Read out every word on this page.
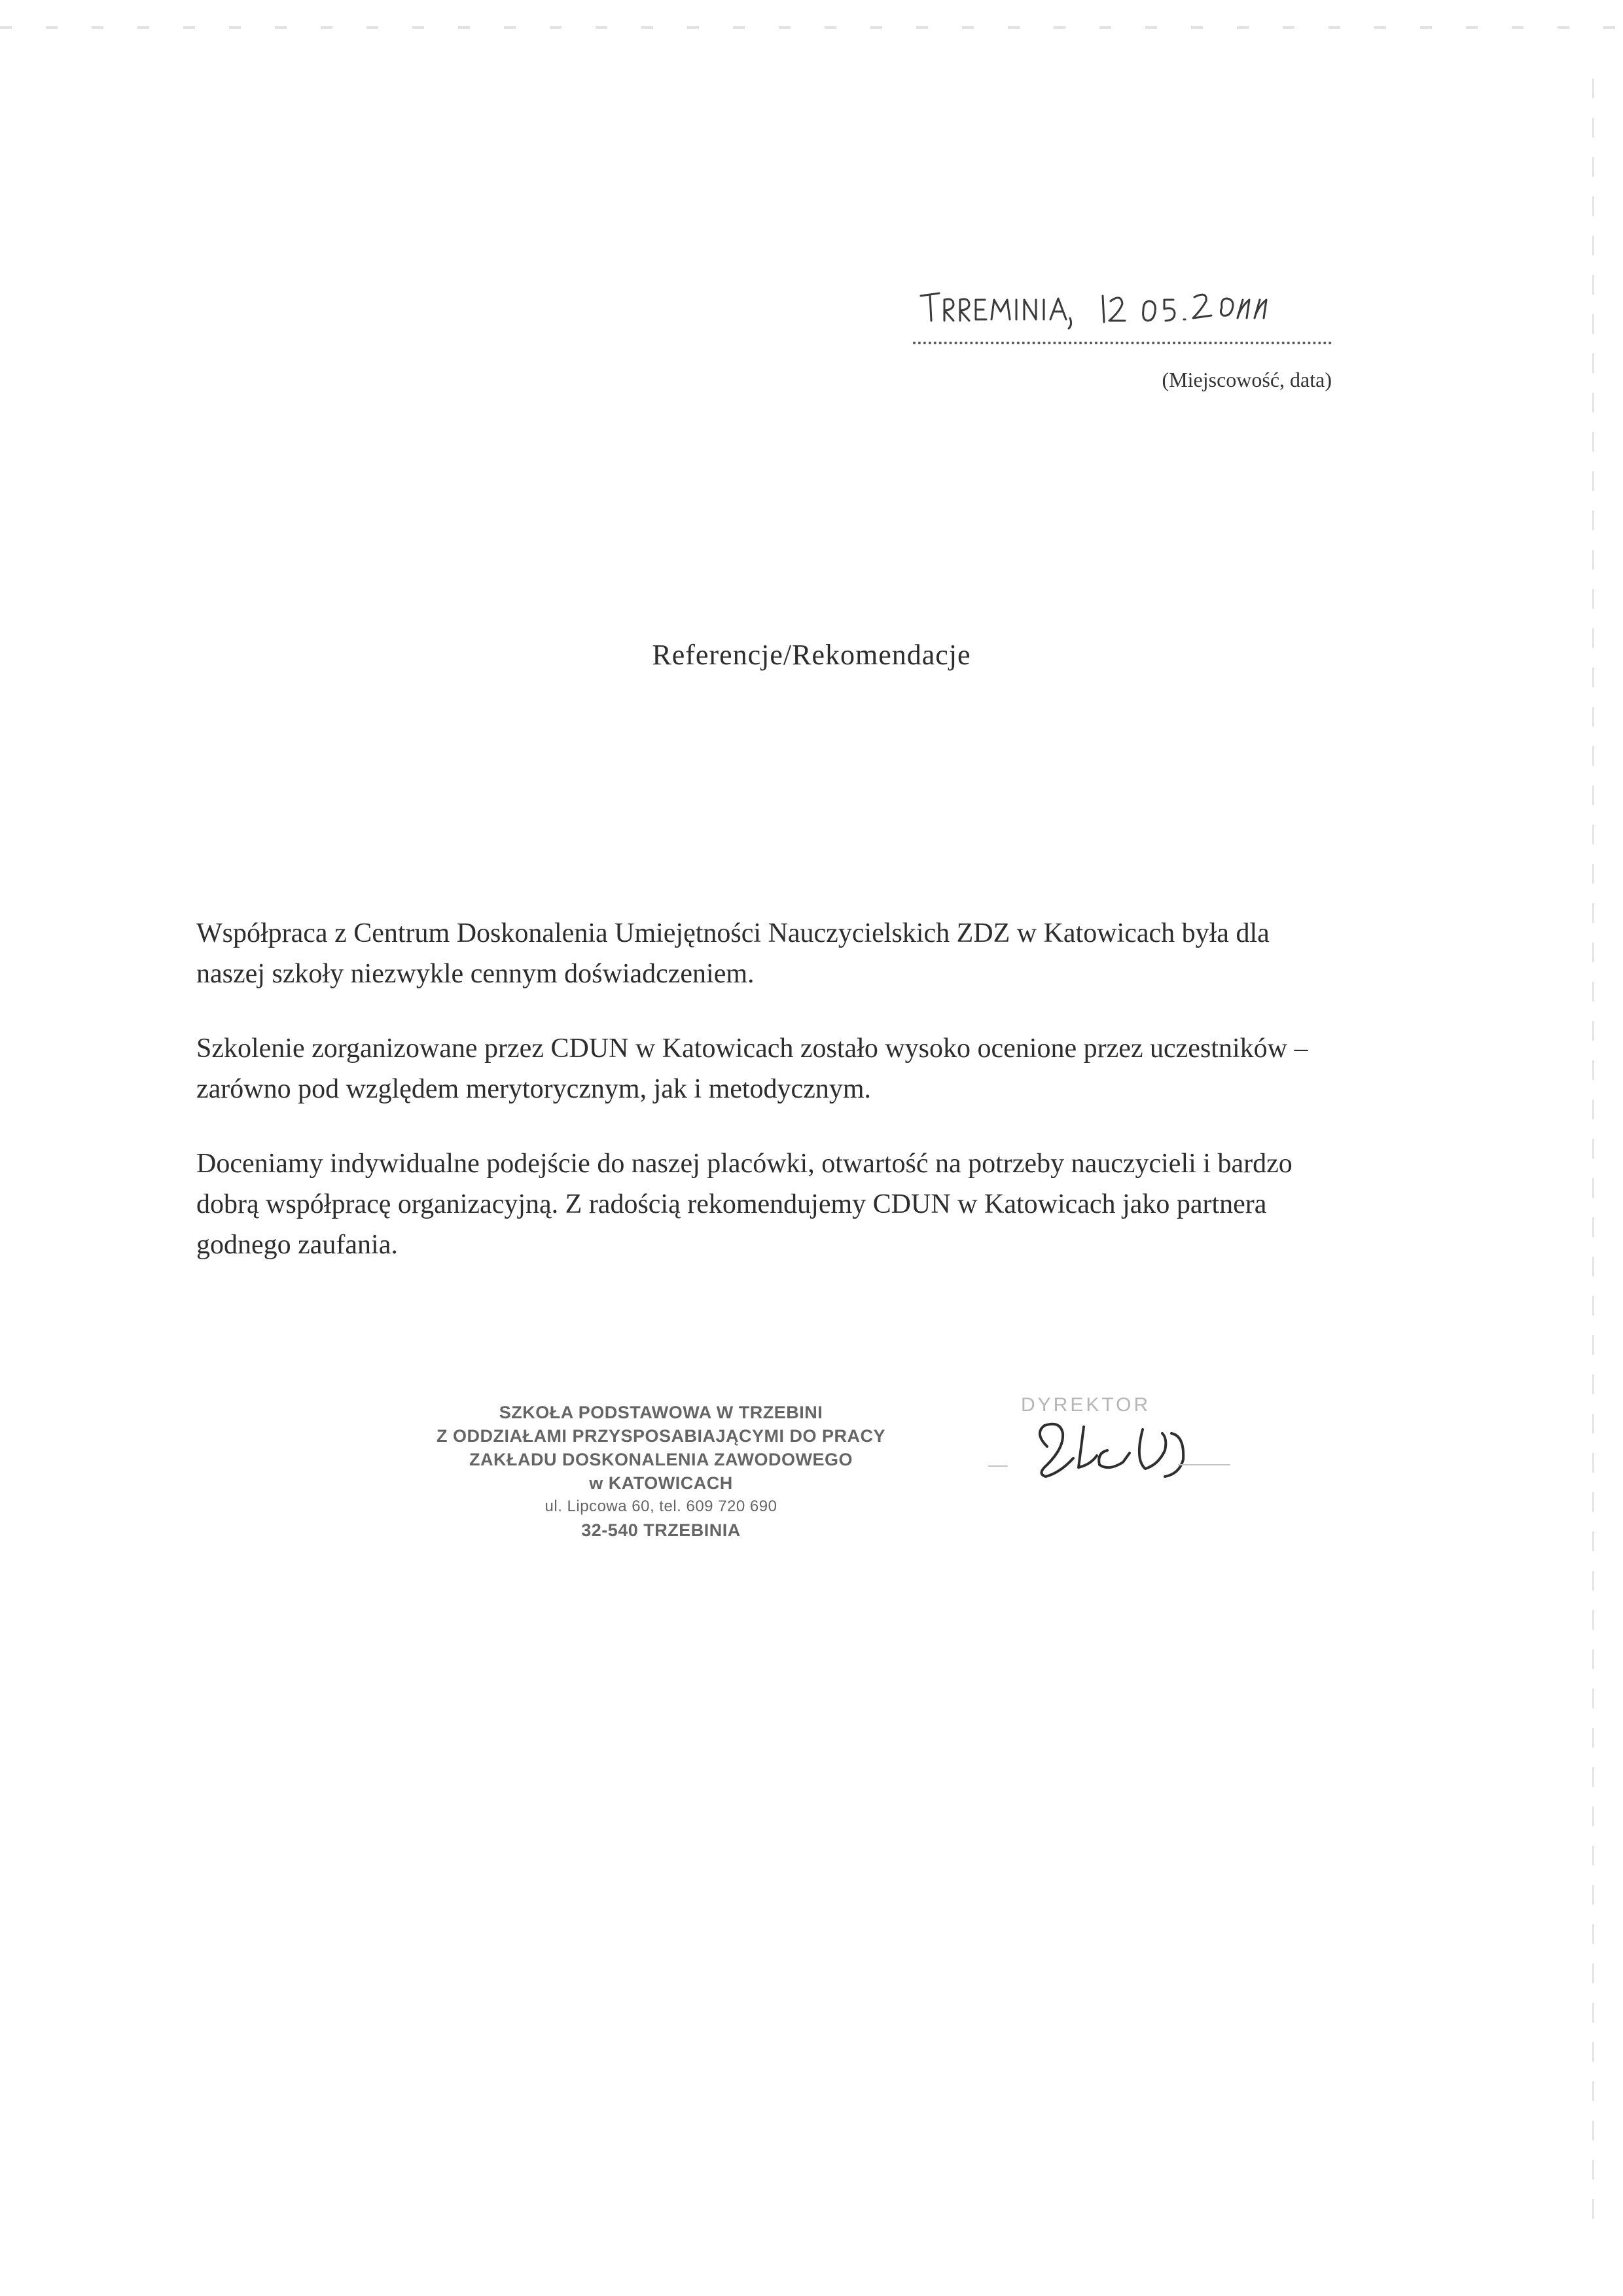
(Miejscowość, data)
Referencje/Rekomendacje

Współpraca z Centrum Doskonalenia Umiejętności Nauczycielskich ZDZ w Katowicach była dla naszej szkoły niezwykle cennym doświadczeniem.

Szkolenie zorganizowane przez CDUN w Katowicach zostało wysoko ocenione przez uczestników – zarówno pod względem merytorycznym, jak i metodycznym.

Doceniamy indywidualne podejście do naszej placówki, otwartość na potrzeby nauczycieli i bardzo dobrą współpracę organizacyjną. Z radością rekomendujemy CDUN w Katowicach jako partnera godnego zaufania.

SZKOŁA PODSTAWOWA W TRZEBINI
Z ODDZIAŁAMI PRZYSPOSABIAJĄCYMI DO PRACY
ZAKŁADU DOSKONALENIA ZAWODOWEGO
w KATOWICACH
ul. Lipcowa 60, tel. 609 720 690
32-540 TRZEBINIA
DYREKTOR
